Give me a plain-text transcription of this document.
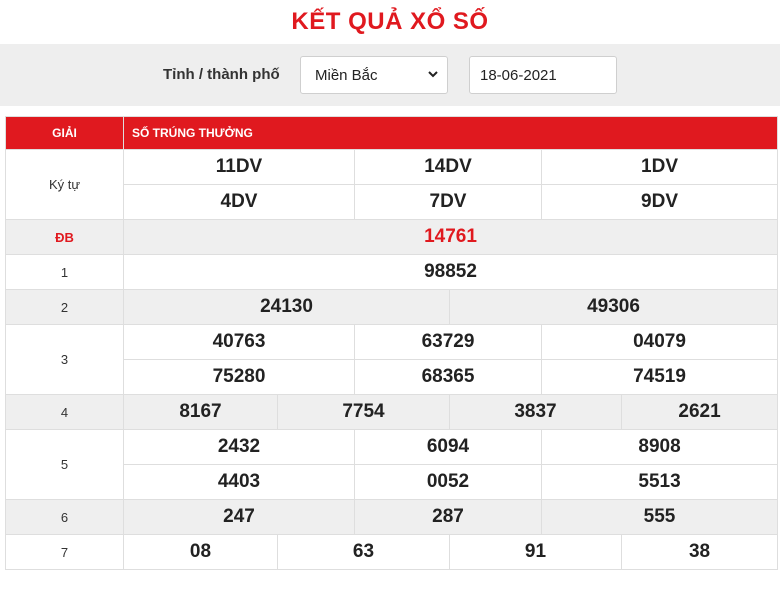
KẾT QUẢ XỔ SỐ
Tỉnh / thành phố Miền Bắc	18-06-2021
GIẢI	SỐ TRÚNG THƯỞNG					
Ký tự	11DV		14DV		1DV	
	4DV		7DV		9DV	
ĐB	14761					
1	98852					
2	24130			49306		
3	40763		63729		04079	
	75280		68365		74519	
4	8167	7754		3837		2621
5	2432		6094		8908	
	4403		0052		5513	
6	247		287		555	
7	08	63		91		38
